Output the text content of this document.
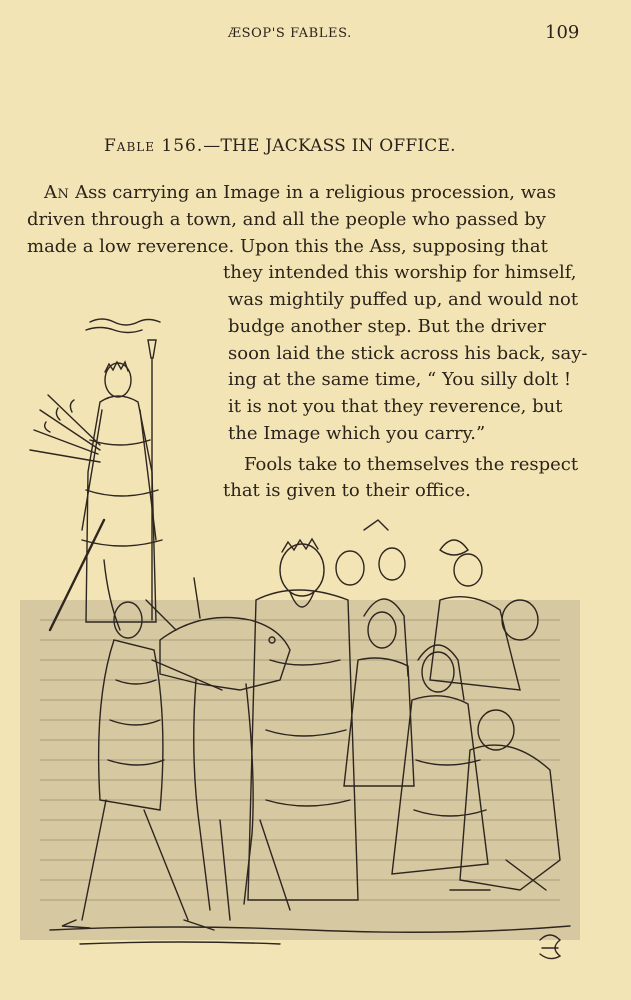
ÆSOP'S FABLES.	109
Fable 156.—THE JACKASS IN OFFICE.
An Ass carrying an Image in a religious procession, was
driven through a town, and all the people who passed by
made a low reverence. Upon this the Ass, supposing that
they intended this worship for himself,
was mightily puffed up, and would not
budge another step. But the driver
soon laid the stick across his back, say-
ing at the same time, “ You silly dolt !
it is not you that they reverence, but
the Image which you carry.”
Fools take to themselves the respect
that is given to their office.
